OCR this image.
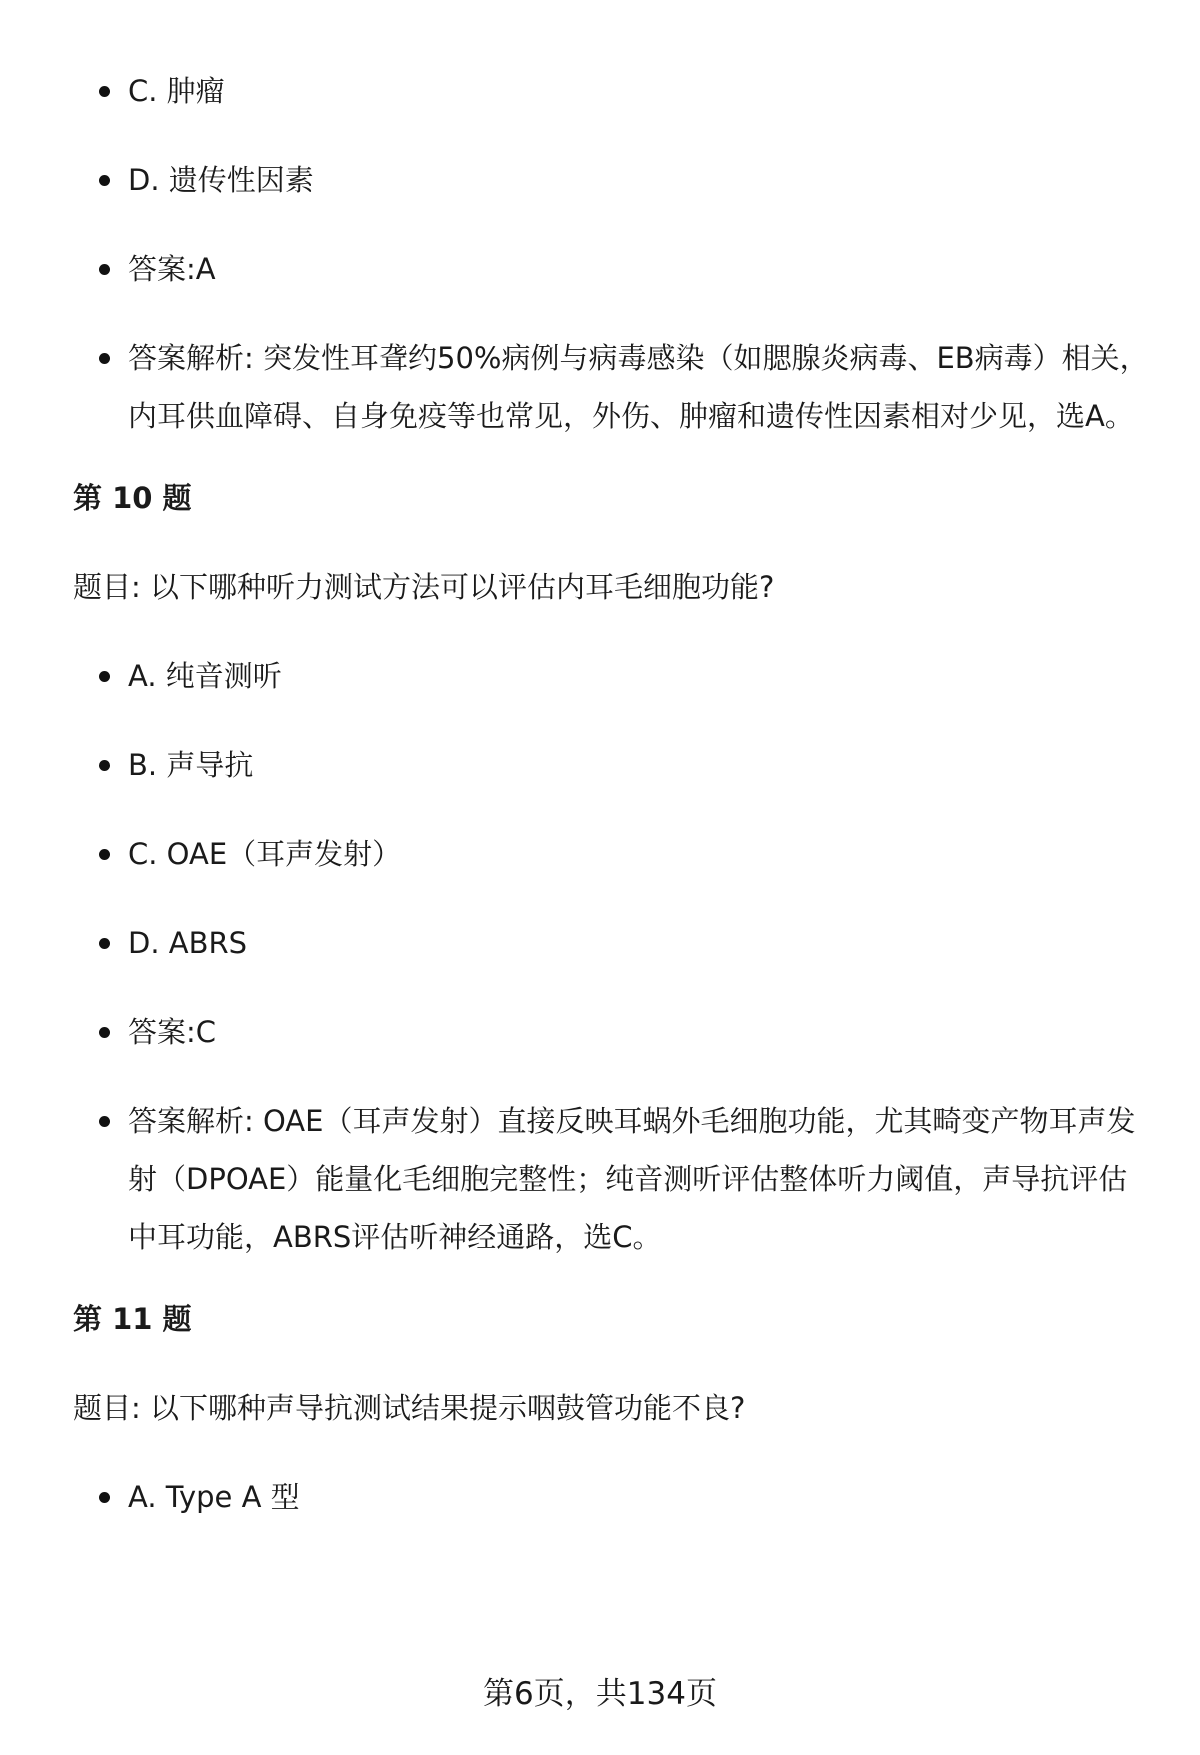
C. 肿瘤
D. 遗传性因素
答案:A
答案解析: 突发性耳聋约50%病例与病毒感染（如腮腺炎病毒、EB病毒）相关，内耳供血障碍、自身免疫等也常见，外伤、肿瘤和遗传性因素相对少见，选A。
第 10 题
题目: 以下哪种听力测试方法可以评估内耳毛细胞功能?
A. 纯音测听
B. 声导抗
C. OAE（耳声发射）
D. ABRS
答案:C
答案解析: OAE（耳声发射）直接反映耳蜗外毛细胞功能，尤其畸变产物耳声发射（DPOAE）能量化毛细胞完整性；纯音测听评估整体听力阈值，声导抗评估中耳功能，ABRS评估听神经通路，选C。
第 11 题
题目: 以下哪种声导抗测试结果提示咽鼓管功能不良?
A. Type A 型
第6页，共134页
